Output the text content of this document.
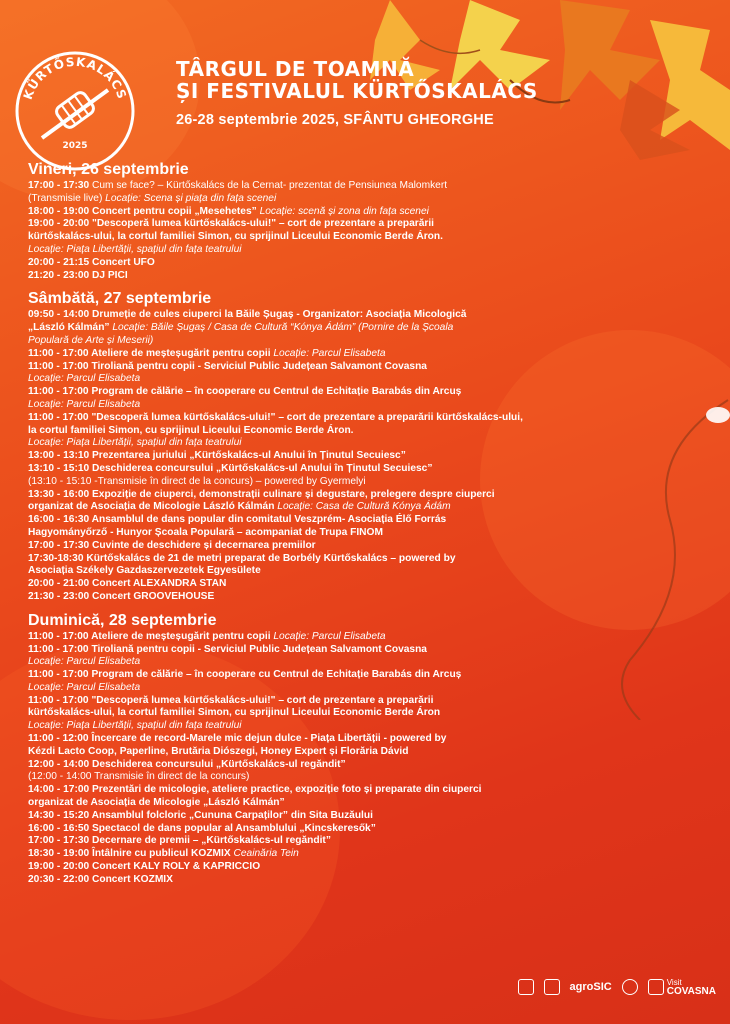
KÜRTŐSKALÁCS
2025
TÂRGUL DE TOAMNĂ
ȘI FESTIVALUL KÜRTŐSKALÁCS
26-28 septembrie 2025, SFÂNTU GHEORGHE
Vineri, 26 septembrie
17:00 - 17:30 Cum se face? – Kürtőskalács de la Cernat- prezentat de Pensiunea Malomkert
(Transmisie live) Locație: Scena și piața din fața scenei
18:00 - 19:00 Concert pentru copii „Mesehetes” Locație: scenă și zona din fața scenei
19:00 - 20:00 "Descoperă lumea kürtőskalács-ului!" – cort de prezentare a preparării
kürtőskalács-ului, la cortul familiei Simon, cu sprijinul Liceului Economic Berde Áron.
Locație: Piața Libertății, spațiul din fața teatrului
20:00 - 21:15 Concert UFO
21:20 - 23:00 DJ PICI
Sâmbătă, 27 septembrie
09:50 - 14:00 Drumeție de cules ciuperci la Băile Șugaș - Organizator: Asociația Micologică
„László Kálmán” Locație: Băile Șugaș / Casa de Cultură “Kónya Ádám” (Pornire de la Școala
Populară de Arte și Meserii)
11:00 - 17:00 Ateliere de meșteșugărit pentru copii Locație: Parcul Elisabeta
11:00 - 17:00 Tiroliană pentru copii - Serviciul Public Județean Salvamont Covasna
Locație: Parcul Elisabeta
11:00 - 17:00 Program de călărie – în cooperare cu Centrul de Echitație Barabás din Arcuș
Locație: Parcul Elisabeta
11:00 - 17:00 "Descoperă lumea kürtőskalács-ului!" – cort de prezentare a preparării kürtőskalács-ului,
la cortul familiei Simon, cu sprijinul Liceului Economic Berde Áron.
Locație: Piața Libertății, spațiul din fața teatrului
13:00 - 13:10 Prezentarea juriului „Kürtőskalács-ul Anului în Ținutul Secuiesc”
13:10 - 15:10 Deschiderea concursului „Kürtőskalács-ul Anului în Ținutul Secuiesc”
(13:10 - 15:10 -Transmisie în direct de la concurs) – powered by Gyermelyi
13:30 - 16:00 Expoziție de ciuperci, demonstrații culinare și degustare, prelegere despre ciuperci
organizat de Asociația de Micologie László Kálmán Locație: Casa de Cultură Kónya Ádám
16:00 - 16:30 Ansamblul de dans popular din comitatul Veszprém- Asociația Élő Forrás
Hagyományőrző - Hunyor Școala Populară – acompaniat de Trupa FINOM
17:00 - 17:30 Cuvinte de deschidere și decernarea premiilor
17:30-18:30 Kürtőskalács de 21 de metri preparat de Borbély Kürtőskalács – powered by
Asociația Székely Gazdaszervezetek Egyesülete
20:00 - 21:00 Concert ALEXANDRA STAN
21:30 - 23:00 Concert GROOVEHOUSE
Duminică, 28 septembrie
11:00 - 17:00 Ateliere de meșteșugărit pentru copii Locație: Parcul Elisabeta
11:00 - 17:00 Tiroliană pentru copii - Serviciul Public Județean Salvamont Covasna
Locație: Parcul Elisabeta
11:00 - 17:00 Program de călărie – în cooperare cu Centrul de Echitație Barabás din Arcuș
Locație: Parcul Elisabeta
11:00 - 17:00 "Descoperă lumea kürtőskalács-ului!" – cort de prezentare a preparării
kürtőskalács-ului, la cortul familiei Simon, cu sprijinul Liceului Economic Berde Áron
Locație: Piața Libertății, spațiul din fața teatrului
11:00 - 12:00 Încercare de record-Marele mic dejun dulce - Piața Libertății - powered by
Kézdi Lacto Coop, Paperline, Brutăria Diószegi, Honey Expert și Florăria Dávid
12:00 - 14:00 Deschiderea concursului „Kürtőskalács-ul regăndit”
(12:00 - 14:00 Transmisie în direct de la concurs)
14:00 - 17:00 Prezentări de micologie, ateliere practice, expoziție foto și preparate din ciuperci
organizat de Asociația de Micologie „László Kálmán”
14:30 - 15:20 Ansamblul folcloric „Cununa Carpaților” din Sita Buzăului
16:00 - 16:50 Spectacol de dans popular al Ansamblului „Kincskeresők”
17:00 - 17:30 Decernare de premii – „Kürtőskalács-ul regăndit”
18:30 - 19:00 Întâlnire cu publicul KOZMIX Ceainăria Tein
19:00 - 20:00 Concert KALY ROLY & KAPRICCIO
20:30 - 22:00 Concert KOZMIX
agroSIC	Visit
COVASNA
